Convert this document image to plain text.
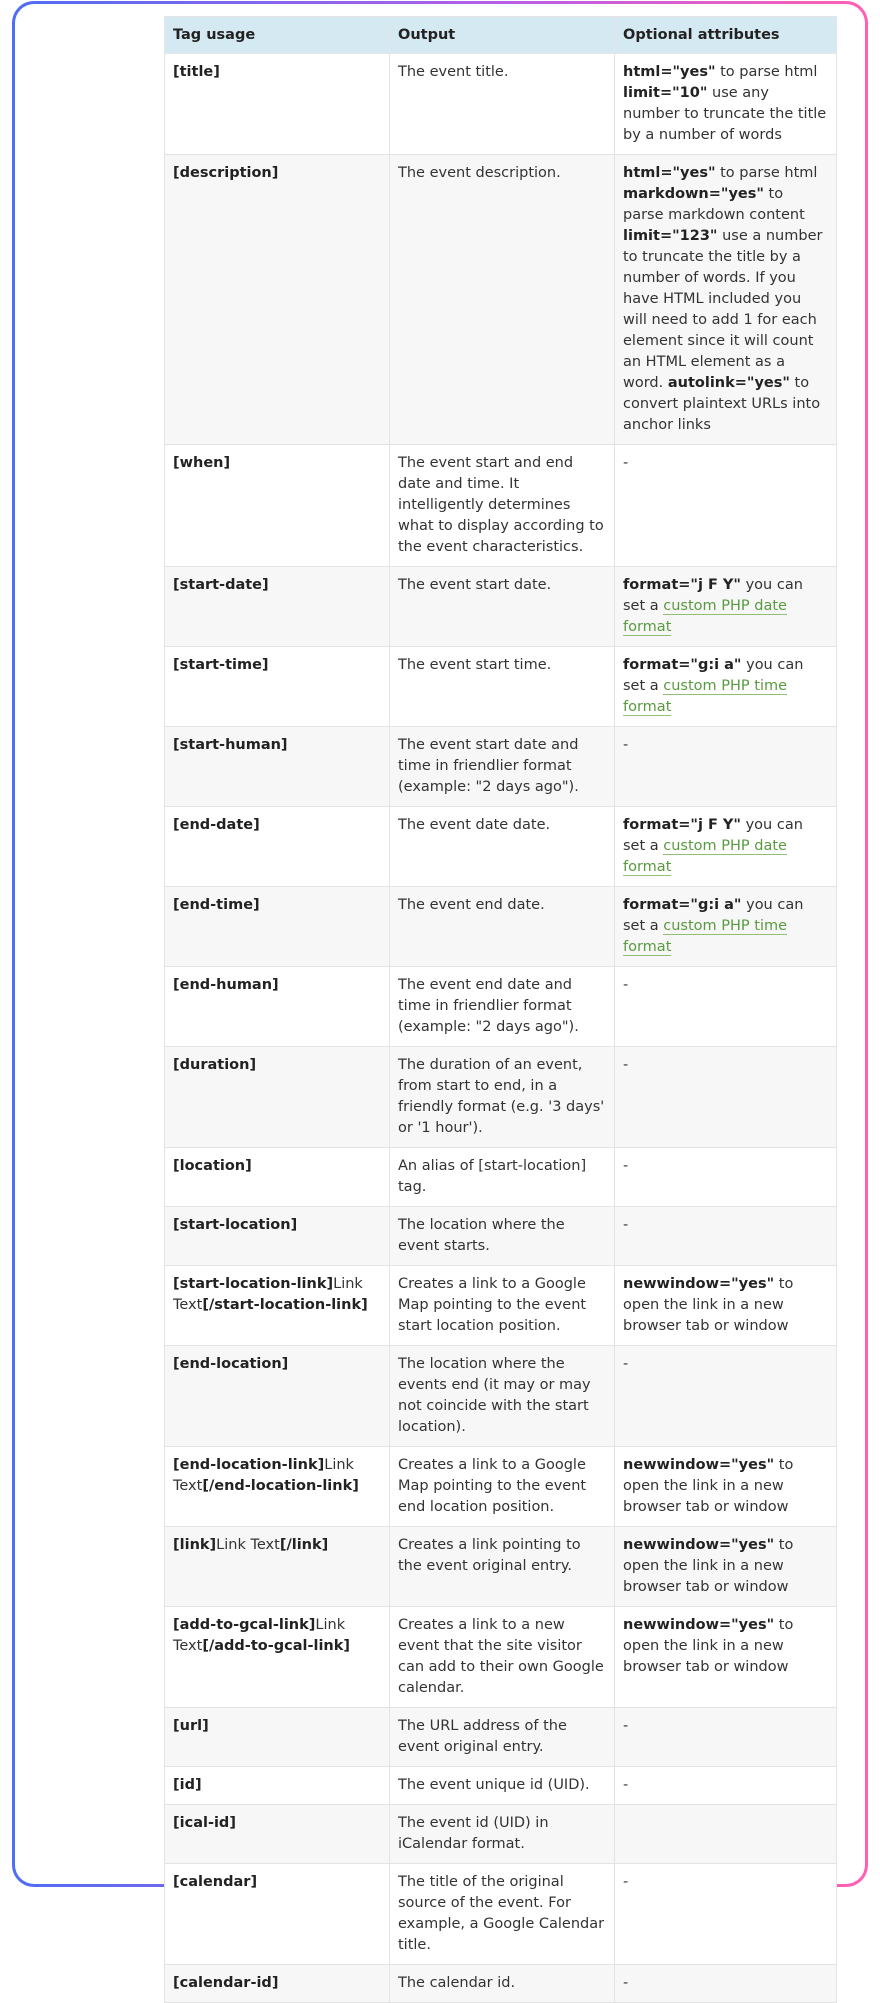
Tag usage	Output	Optional attributes
[title]	The event title.	html="yes" to parse html limit="10" use any number to truncate the title by a number of words
[description]	The event description.	html="yes" to parse html markdown="yes" to parse markdown content limit="123" use a number to truncate the title by a number of words. If you have HTML included you will need to add 1 for each element since it will count an HTML element as a word. autolink="yes" to convert plaintext URLs into anchor links
[when]	The event start and end date and time. It intelligently determines what to display according to the event characteristics.	-
[start-date]	The event start date.	format="j F Y" you can set a custom PHP date format
[start-time]	The event start time.	format="g:i a" you can set a custom PHP time format
[start-human]	The event start date and time in friendlier format (example: "2 days ago").	-
[end-date]	The event date date.	format="j F Y" you can set a custom PHP date format
[end-time]	The event end date.	format="g:i a" you can set a custom PHP time format
[end-human]	The event end date and time in friendlier format (example: "2 days ago").	-
[duration]	The duration of an event, from start to end, in a friendly format (e.g. '3 days' or '1 hour').	-
[location]	An alias of [start-location] tag.	-
[start-location]	The location where the event starts.	-
[start-location-link]Link Text[/start-location-link]	Creates a link to a Google Map pointing to the event start location position.	newwindow="yes" to open the link in a new browser tab or window
[end-location]	The location where the events end (it may or may not coincide with the start location).	-
[end-location-link]Link Text[/end-location-link]	Creates a link to a Google Map pointing to the event end location position.	newwindow="yes" to open the link in a new browser tab or window
[link]Link Text[/link]	Creates a link pointing to the event original entry.	newwindow="yes" to open the link in a new browser tab or window
[add-to-gcal-link]Link Text[/add-to-gcal-link]	Creates a link to a new event that the site visitor can add to their own Google calendar.	newwindow="yes" to open the link in a new browser tab or window
[url]	The URL address of the event original entry.	-
[id]	The event unique id (UID).	-
[ical-id]	The event id (UID) in iCalendar format.	
[calendar]	The title of the original source of the event. For example, a Google Calendar title.	-
[calendar-id]	The calendar id.	-
